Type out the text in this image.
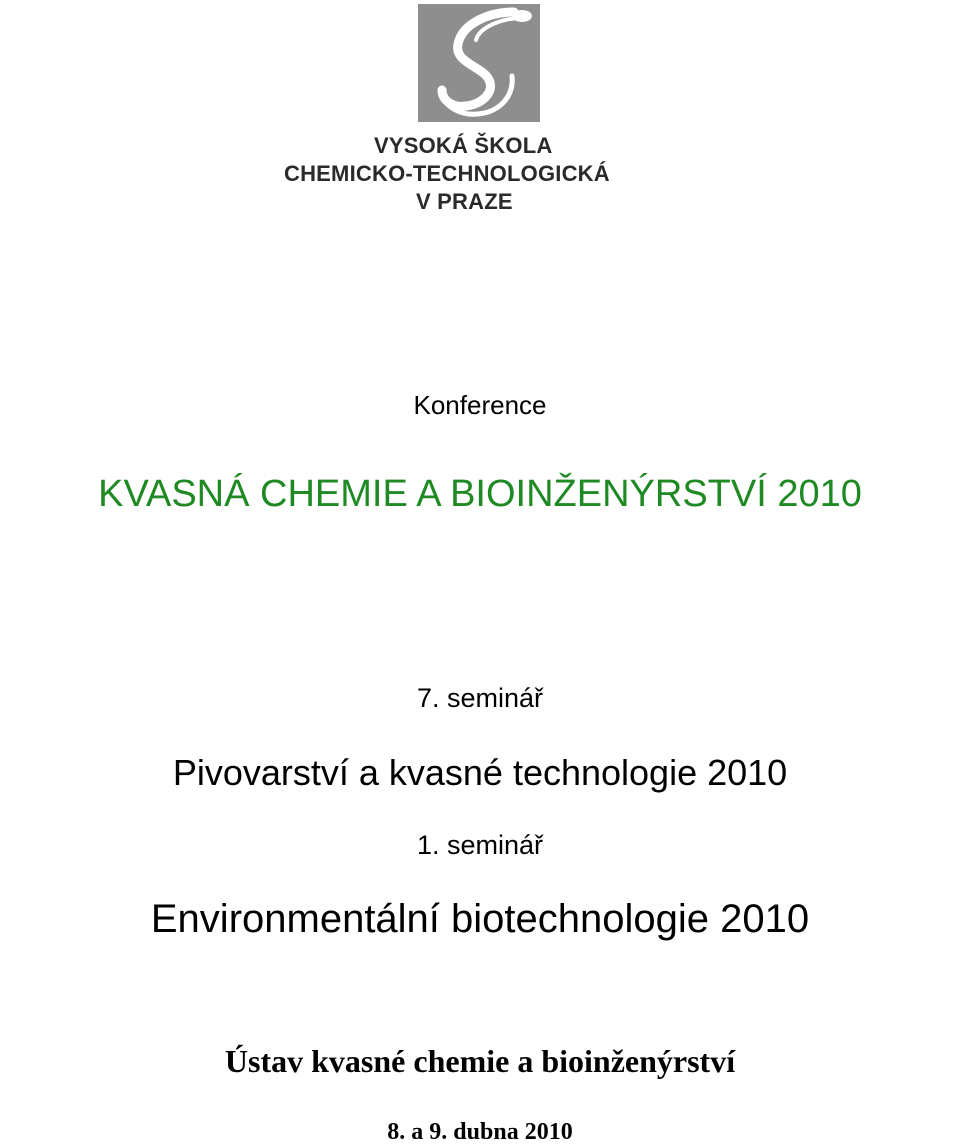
VYSOKÁ ŠKOLA
CHEMICKO-TECHNOLOGICKÁ
V PRAZE
Konference
KVASNÁ CHEMIE A BIOINŽENÝRSTVÍ 2010
7. seminář
Pivovarství a kvasné technologie 2010
1. seminář
Environmentální biotechnologie 2010
Ústav kvasné chemie a bioinženýrství
8. a 9. dubna 2010
